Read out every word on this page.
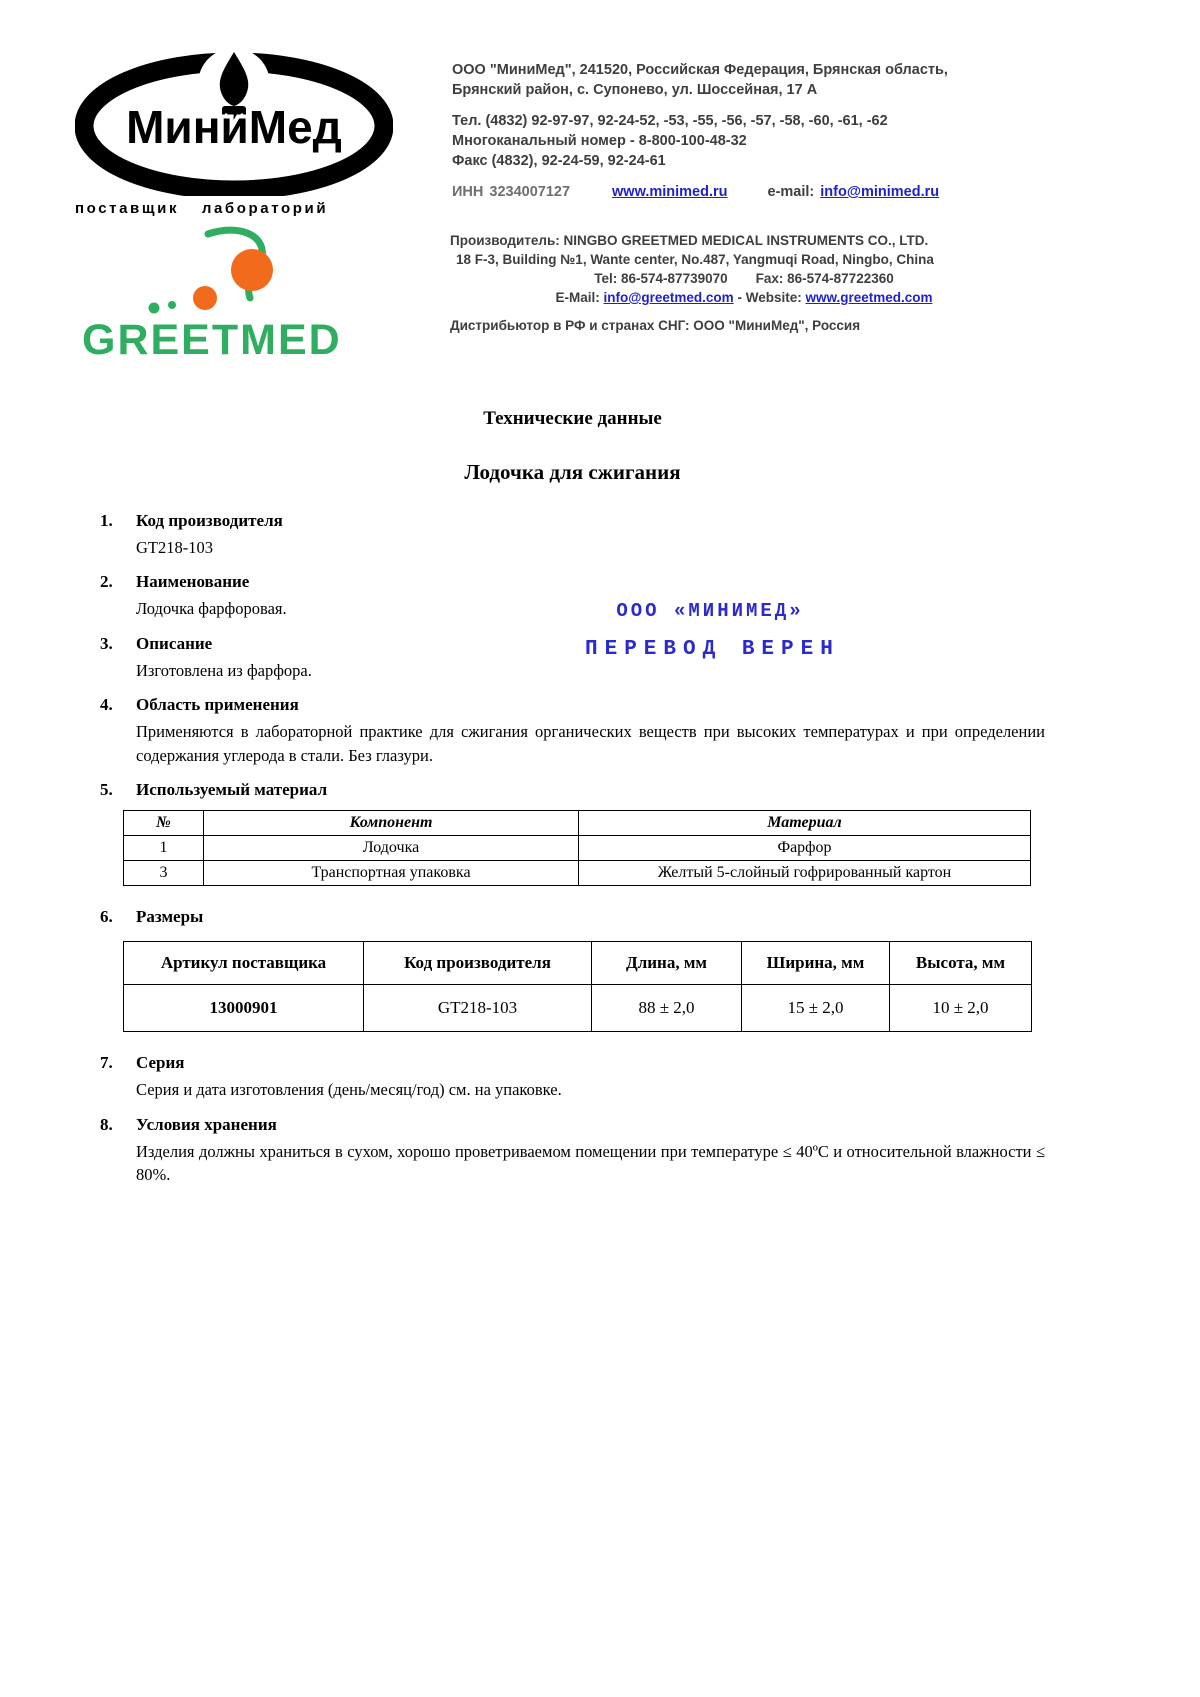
МиниМед ®
поставщик лабораторий
ООО "МиниМед", 241520, Российская Федерация, Брянская область,
Брянский район, с. Супонево, ул. Шоссейная, 17 А
Тел. (4832) 92-97-97, 92-24-52, -53, -55, -56, -57, -58, -60, -61, -62
Многоканальный номер - 8-800-100-48-32
Факс (4832), 92-24-59, 92-24-61
ИНН 3234007127	www.minimed.ru	e-mail: info@minimed.ru
GREETMED
Производитель: NINGBO GREETMED MEDICAL INSTRUMENTS CO., LTD.
18 F-3, Building №1, Wante center, No.487, Yangmuqi Road, Ningbo, China
Tel: 86-574-87739070 Fax: 86-574-87722360
E-Mail: info@greetmed.com - Website: www.greetmed.com
Дистрибьютор в РФ и странах СНГ: ООО "МиниМед", Россия
ООО «МИНИМЕД»
ПЕРЕВОД ВЕРЕН
Технические данные
Лодочка для сжигания
1.	Код производителя

GT218-103

2.	Наименование

Лодочка фарфоровая.

3.	Описание

Изготовлена из фарфора.

4.	Область применения

Применяются в лабораторной практике для сжигания органических веществ при высоких температурах и при определении содержания углерода в стали. Без глазури.

5.	Используемый материал
№	Компонент	Материал
1	Лодочка	Фарфор
3	Транспортная упаковка	Желтый 5-слойный гофрированный картон
6.	Размеры
Артикул поставщика	Код производителя	Длина, мм	Ширина, мм	Высота, мм
13000901	GT218-103	88 ± 2,0	15 ± 2,0	10 ± 2,0
7.	Серия

Серия и дата изготовления (день/месяц/год) см. на упаковке.

8.	Условия хранения

Изделия должны храниться в сухом, хорошо проветриваемом помещении при температуре ≤ 40ºС и относительной влажности ≤ 80%.
